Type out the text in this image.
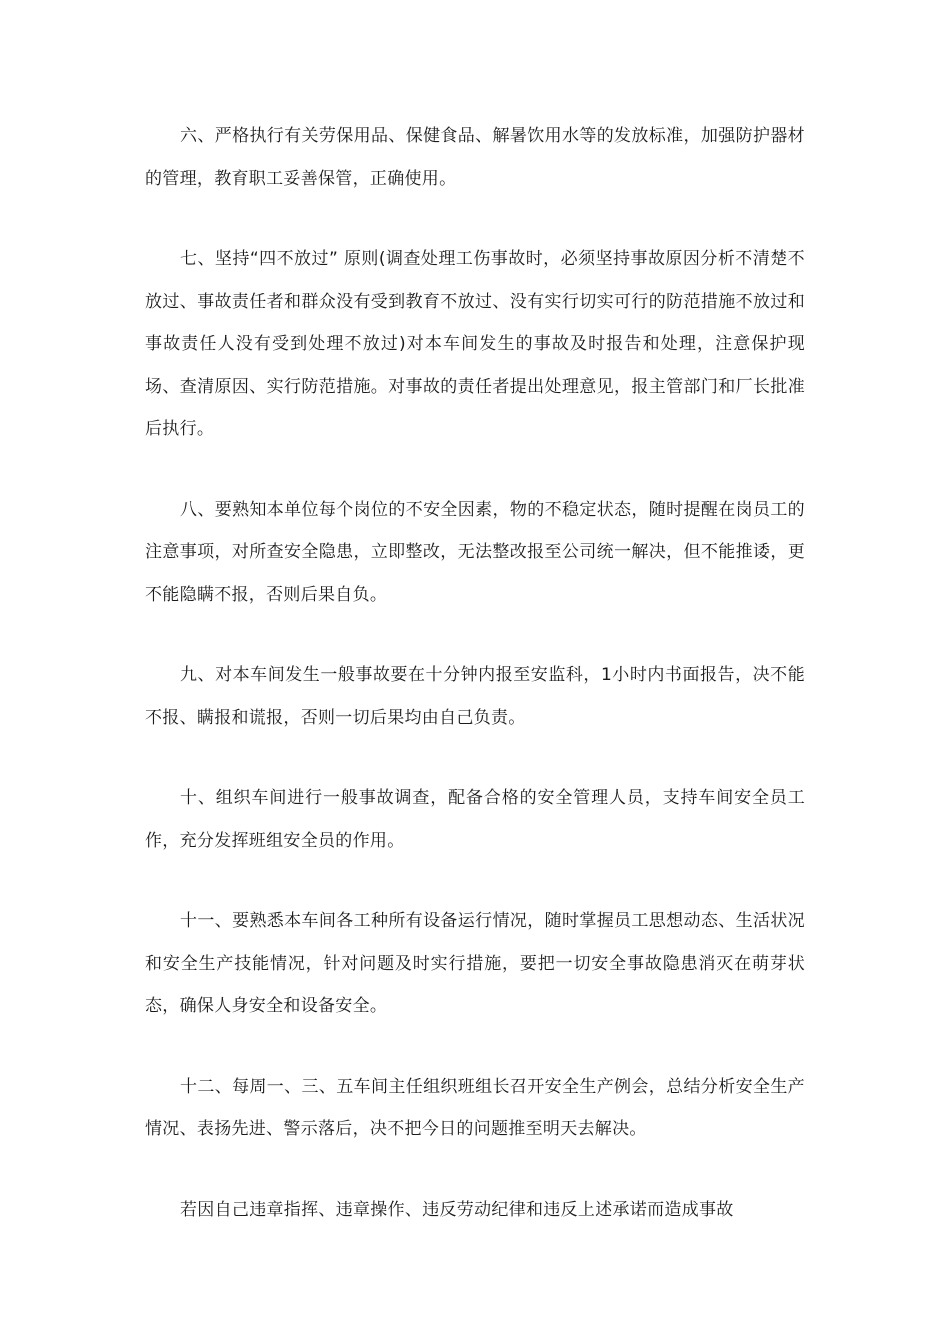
六、严格执行有关劳保用品、保健食品、解暑饮用水等的发放标准，加强防护器材的管理，教育职工妥善保管，正确使用。

七、坚持“四不放过” 原则(调查处理工伤事故时，必须坚持事故原因分析不清楚不放过、事故责任者和群众没有受到教育不放过、没有实行切实可行的防范措施不放过和事故责任人没有受到处理不放过)对本车间发生的事故及时报告和处理，注意保护现场、查清原因、实行防范措施。对事故的责任者提出处理意见，报主管部门和厂长批准后执行。

八、要熟知本单位每个岗位的不安全因素，物的不稳定状态，随时提醒在岗员工的注意事项，对所查安全隐患，立即整改，无法整改报至公司统一解决，但不能推诿，更不能隐瞒不报，否则后果自负。

九、对本车间发生一般事故要在十分钟内报至安监科，1小时内书面报告，决不能不报、瞒报和谎报，否则一切后果均由自己负责。

十、组织车间进行一般事故调查，配备合格的安全管理人员，支持车间安全员工作，充分发挥班组安全员的作用。

十一、要熟悉本车间各工种所有设备运行情况，随时掌握员工思想动态、生活状况和安全生产技能情况，针对问题及时实行措施，要把一切安全事故隐患消灭在萌芽状态，确保人身安全和设备安全。

十二、每周一、三、五车间主任组织班组长召开安全生产例会，总结分析安全生产情况、表扬先进、警示落后，决不把今日的问题推至明天去解决。

若因自己违章指挥、违章操作、违反劳动纪律和违反上述承诺而造成事故
